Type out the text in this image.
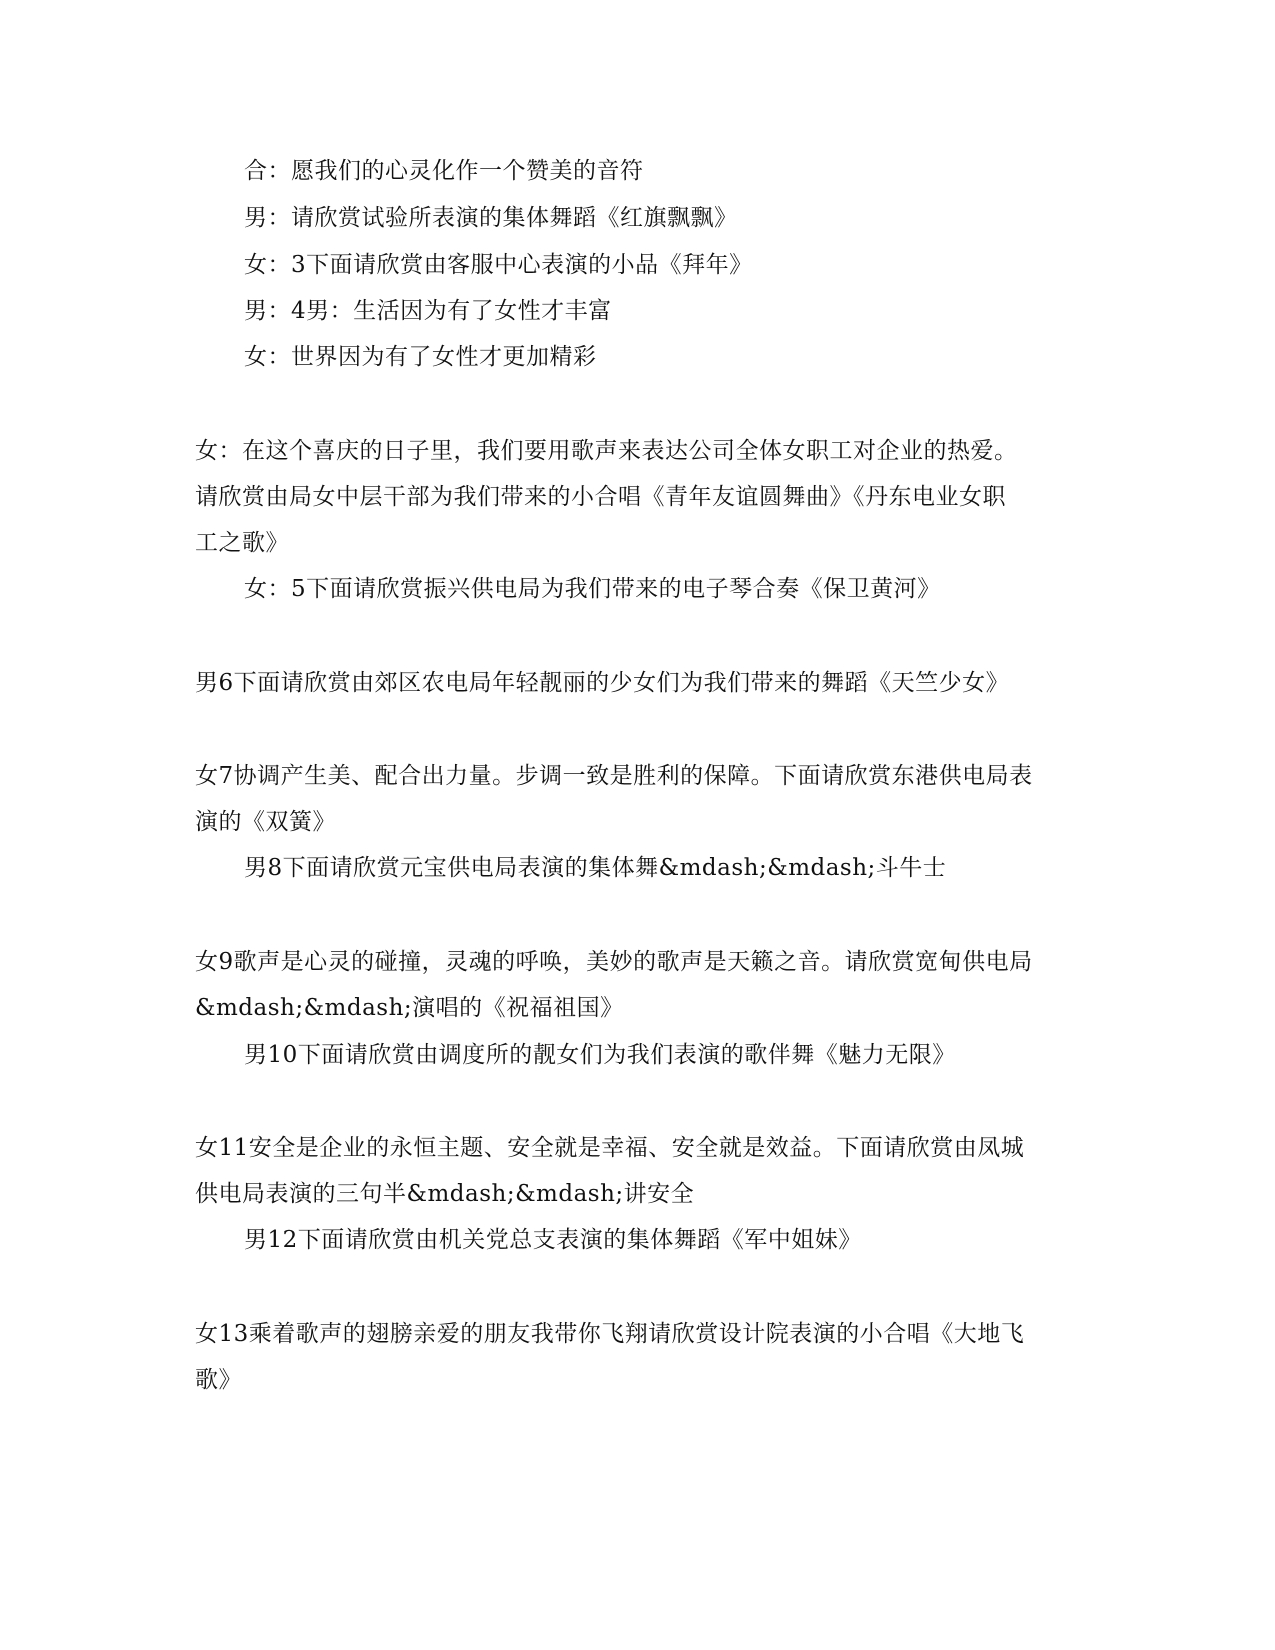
合：愿我们的心灵化作一个赞美的音符
男：请欣赏试验所表演的集体舞蹈《红旗飘飘》
女：3下面请欣赏由客服中心表演的小品《拜年》
男：4男：生活因为有了女性才丰富
女：世界因为有了女性才更加精彩
女：在这个喜庆的日子里，我们要用歌声来表达公司全体女职工对企业的热爱。
请欣赏由局女中层干部为我们带来的小合唱《青年友谊圆舞曲》《丹东电业女职
工之歌》
女：5下面请欣赏振兴供电局为我们带来的电子琴合奏《保卫黄河》
男6下面请欣赏由郊区农电局年轻靓丽的少女们为我们带来的舞蹈《天竺少女》
女7协调产生美、配合出力量。步调一致是胜利的保障。下面请欣赏东港供电局表
演的《双簧》
男8下面请欣赏元宝供电局表演的集体舞&mdash;&mdash;斗牛士
女9歌声是心灵的碰撞，灵魂的呼唤，美妙的歌声是天籁之音。请欣赏宽甸供电局
&mdash;&mdash;演唱的《祝福祖国》
男10下面请欣赏由调度所的靓女们为我们表演的歌伴舞《魅力无限》
女11安全是企业的永恒主题、安全就是幸福、安全就是效益。下面请欣赏由凤城
供电局表演的三句半&mdash;&mdash;讲安全
男12下面请欣赏由机关党总支表演的集体舞蹈《军中姐妹》
女13乘着歌声的翅膀亲爱的朋友我带你飞翔请欣赏设计院表演的小合唱《大地飞
歌》
